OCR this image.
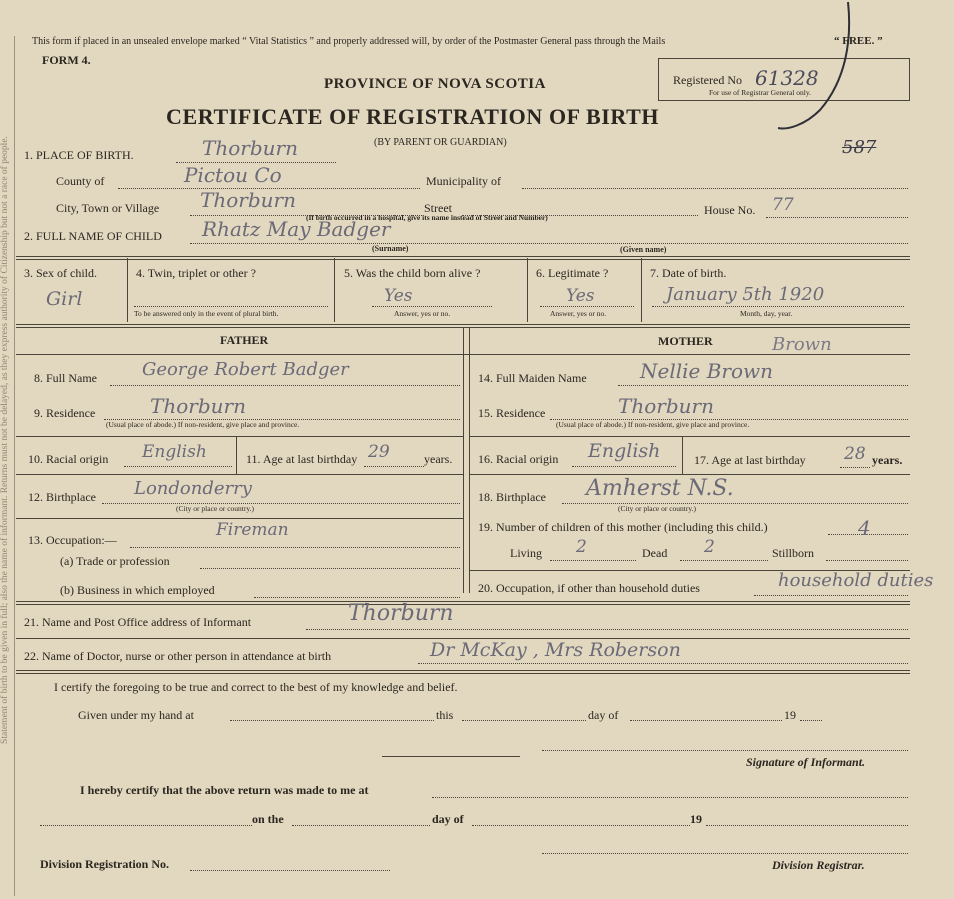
Statement of birth to be given in full; also the name of informant. Returns must not be delayed, as they express authority of Citizenship but not a race of people.
This form if placed in an unsealed envelope marked “ Vital Statistics ” and properly addressed will, by order of the Postmaster General pass through the Mails	“ FREE. ”
FORM 4.
PROVINCE OF NOVA SCOTIA
CERTIFICATE OF REGISTRATION OF BIRTH
(BY PARENT OR GUARDIAN)
Registered No 61328
For use of Registrar General only.
587
1. PLACE OF BIRTH.	Thorburn
County of	Pictou Co	Municipality of
City, Town or Village Thorburn	Street	House No. 77
(If birth occurred in a hospital, give its name instead of Street and Number)
2. FULL NAME OF CHILD Rhatz May Badger
(Surname)	(Given name)
3. Sex of child.
Girl
4. Twin, triplet or other ?
To be answered only in the event of plural birth.
5. Was the child born alive ?
Yes
Answer, yes or no.
6. Legitimate ?
Yes
Answer, yes or no.
7. Date of birth.
January 5th 1920
Month, day, year.
FATHER	MOTHER	Brown
8. Full Name	George Robert Badger
9. Residence	Thorburn
(Usual place of abode.) If non-resident, give place and province.
10. Racial origin English	11. Age at last birthday 29	years.
12. Birthplace Londonderry
(City or place or country.)
13. Occupation:—	Fireman
(a) Trade or profession
(b) Business in which employed
14. Full Maiden Name	Nellie Brown
15. Residence	Thorburn
(Usual place of abode.) If non-resident, give place and province.
16. Racial origin English	17. Age at last birthday 28 years.
18. Birthplace Amherst N.S.
(City or place or country.)
19. Number of children of this mother (including this child.)	4
Living 2	Dead 2	Stillborn
20. Occupation, if other than household duties	household duties
21. Name and Post Office address of Informant	Thorburn
22. Name of Doctor, nurse or other person in attendance at birth	Dr McKay , Mrs Roberson
I certify the foregoing to be true and correct to the best of my knowledge and belief.
Given under my hand at	this	day of	19
Signature of Informant.
I hereby certify that the above return was made to me at
on the	day of	19
Division Registration No.	Division Registrar.
